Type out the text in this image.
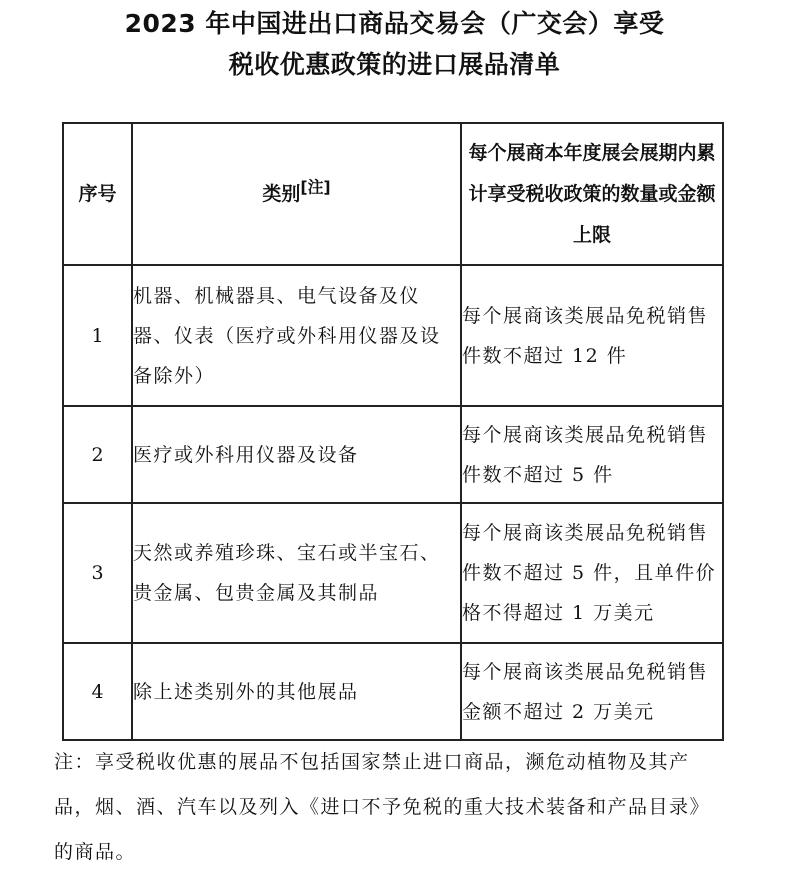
2023 年中国进出口商品交易会（广交会）享受
税收优惠政策的进口展品清单
序号	类别[注]	每个展商本年度展会展期内累计享受税收政策的数量或金额上限

1	机器、机械器具、电气设备及仪器、仪表（医疗或外科用仪器及设备除外）	每个展商该类展品免税销售件数不超过 12 件
2	医疗或外科用仪器及设备	每个展商该类展品免税销售件数不超过 5 件
3	天然或养殖珍珠、宝石或半宝石、贵金属、包贵金属及其制品	每个展商该类展品免税销售件数不超过 5 件，且单件价格不得超过 1 万美元
4	除上述类别外的其他展品	每个展商该类展品免税销售金额不超过 2 万美元
注：享受税收优惠的展品不包括国家禁止进口商品，濒危动植物及其产品，烟、酒、汽车以及列入《进口不予免税的重大技术装备和产品目录》的商品。
